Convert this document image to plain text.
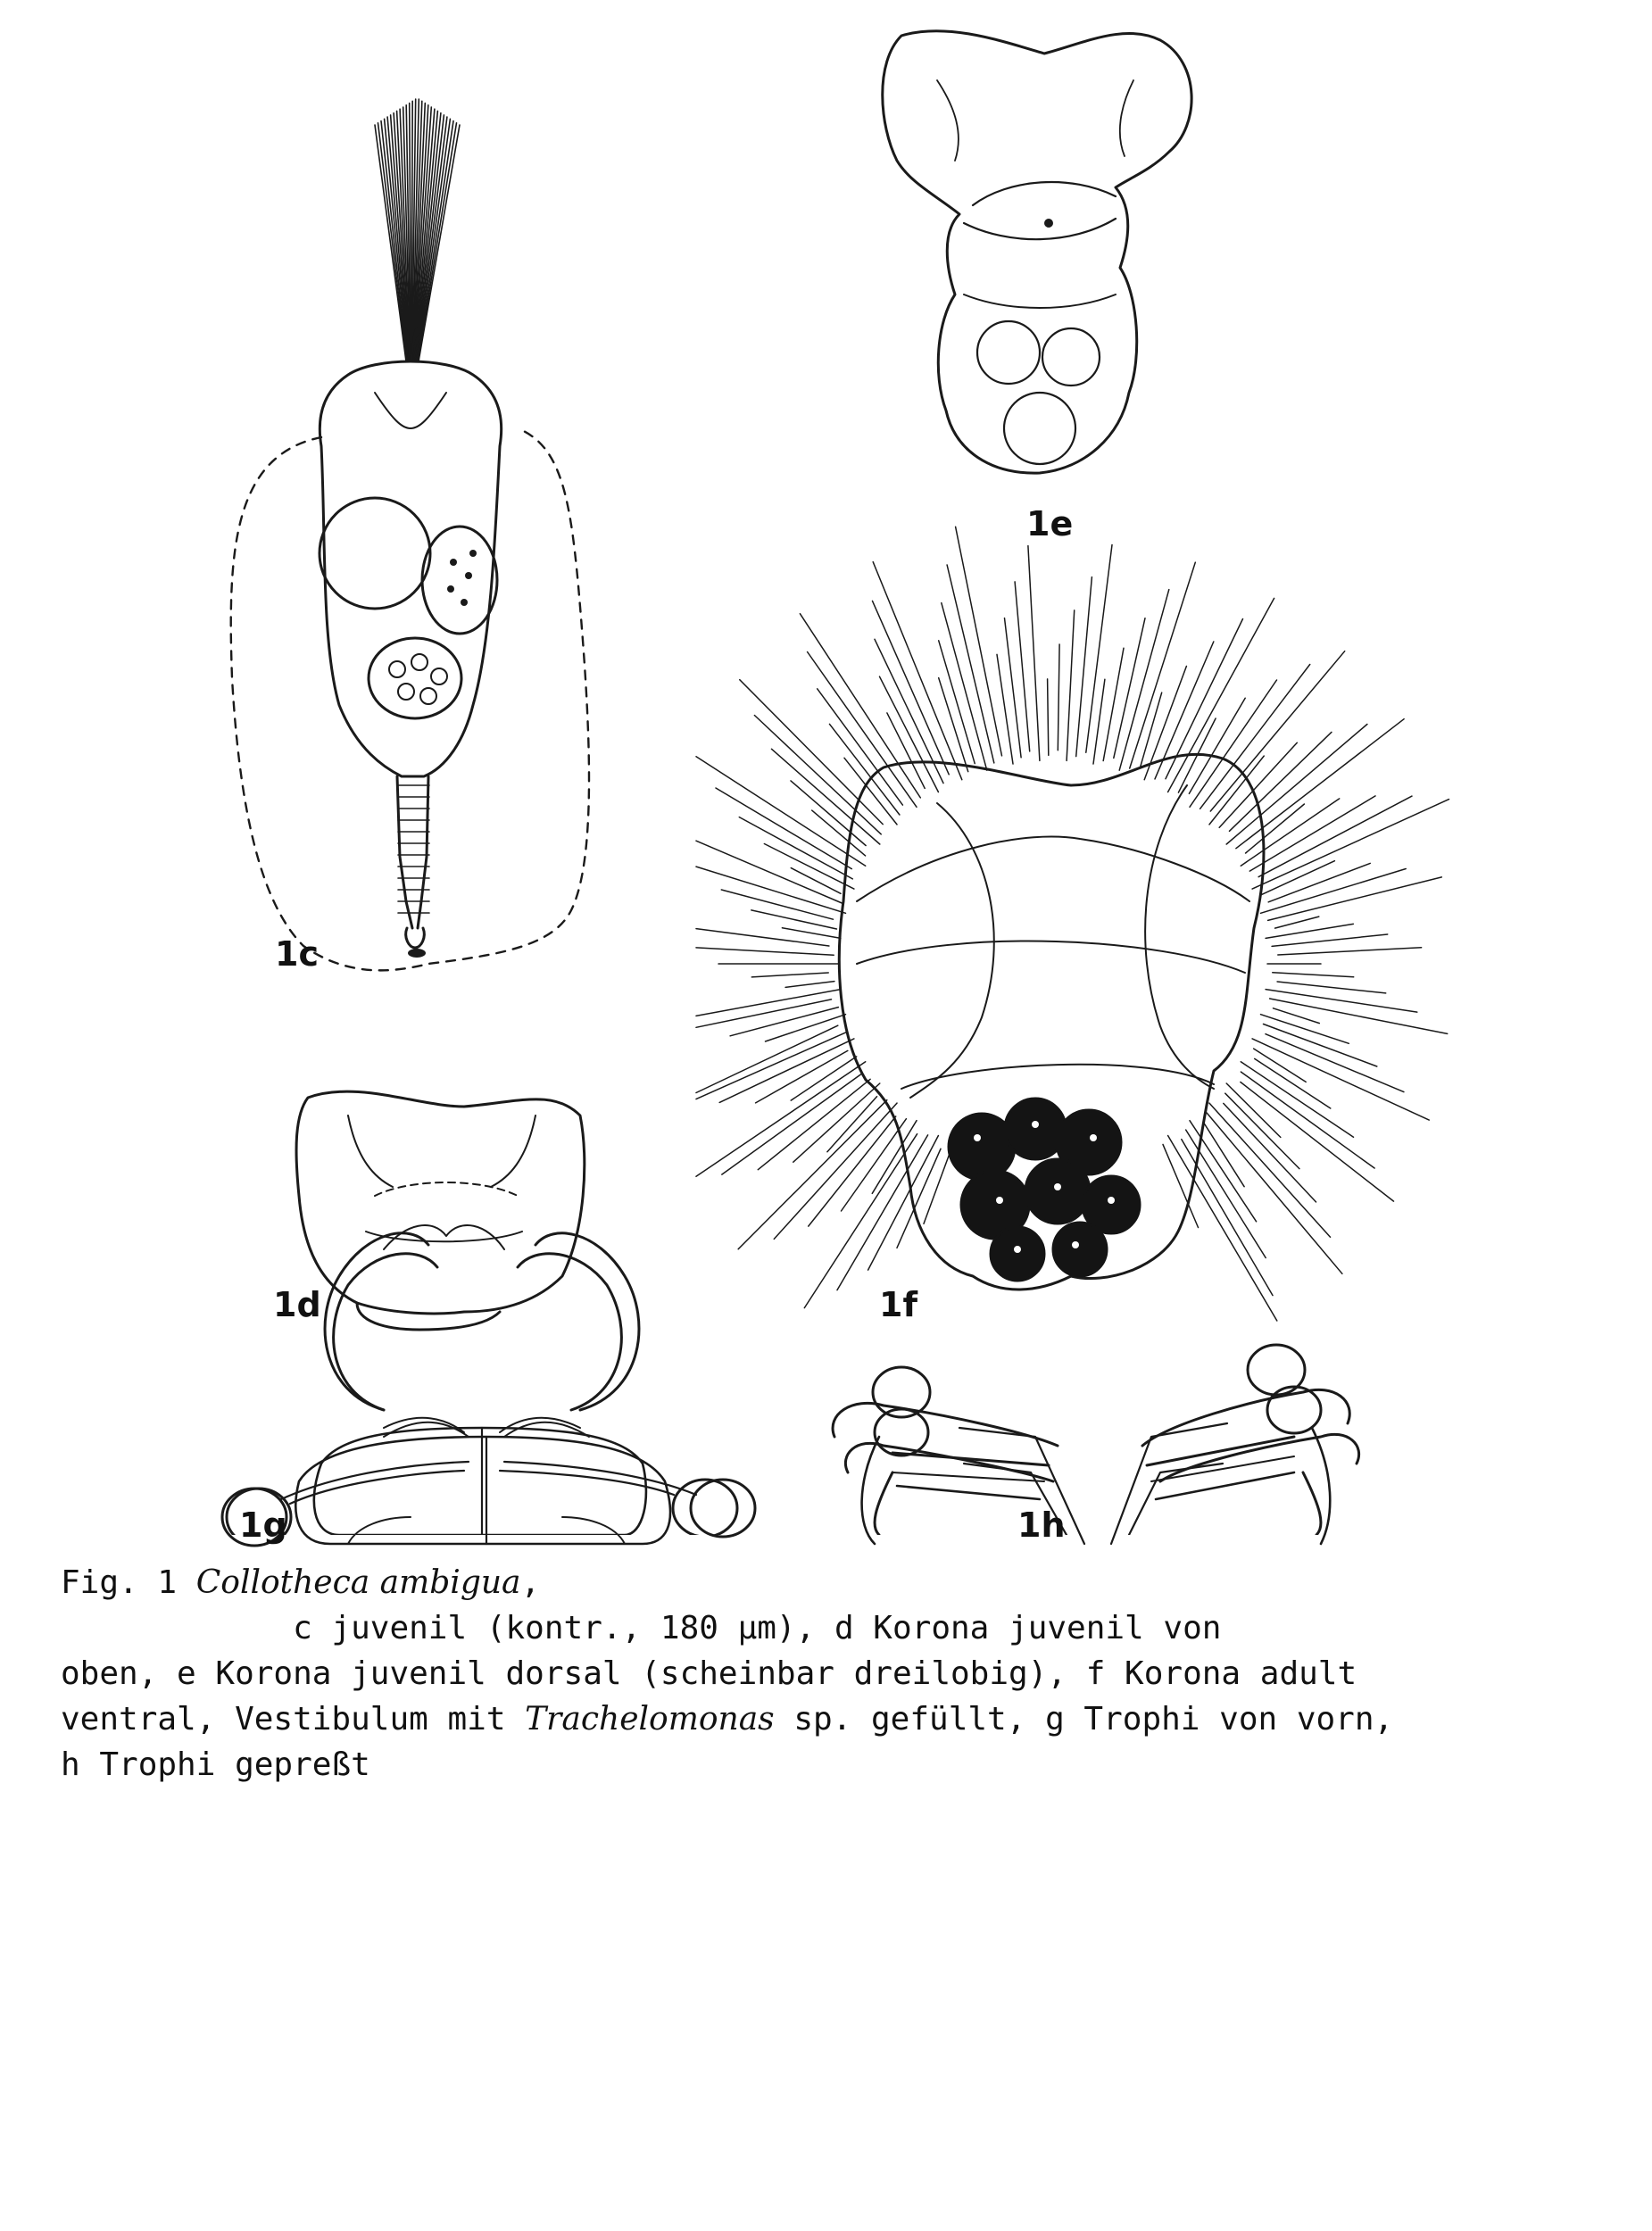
1c
1e
1f
1d
1g	1h
Fig. 1 Collotheca ambigua,
c juvenil (kontr., 180 µm), d Korona juvenil von
oben, e Korona juvenil dorsal (scheinbar dreilobig), f Korona adult
ventral, Vestibulum mit Trachelomonas sp. gefüllt, g Trophi von vorn,
h Trophi gepreßt
